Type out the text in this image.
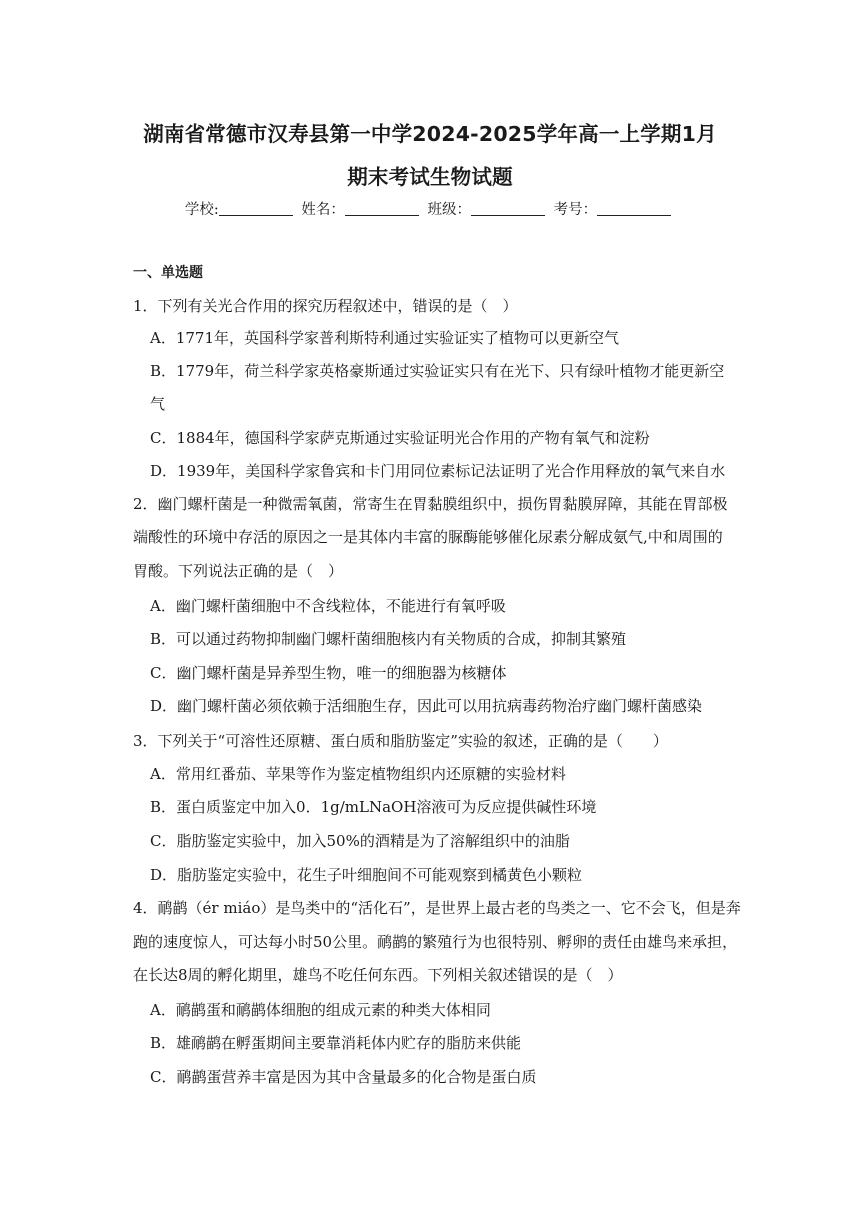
湖南省常德市汉寿县第一中学2024-2025学年高一上学期1月
期末考试生物试题
学校:	姓名：	班级：	考号：
一、单选题
1．下列有关光合作用的探究历程叙述中，错误的是（　）
A．1771年，英国科学家普利斯特利通过实验证实了植物可以更新空气
B．1779年，荷兰科学家英格豪斯通过实验证实只有在光下、只有绿叶植物才能更新空
气
C．1884年，德国科学家萨克斯通过实验证明光合作用的产物有氧气和淀粉
D．1939年，美国科学家鲁宾和卡门用同位素标记法证明了光合作用释放的氧气来自水
2．幽门螺杆菌是一种微需氧菌，常寄生在胃黏膜组织中，损伤胃黏膜屏障，其能在胃部极
端酸性的环境中存活的原因之一是其体内丰富的脲酶能够催化尿素分解成氨气,中和周围的
胃酸。下列说法正确的是（　）
A．幽门螺杆菌细胞中不含线粒体，不能进行有氧呼吸
B．可以通过药物抑制幽门螺杆菌细胞核内有关物质的合成，抑制其繁殖
C．幽门螺杆菌是异养型生物，唯一的细胞器为核糖体
D．幽门螺杆菌必须依赖于活细胞生存，因此可以用抗病毒药物治疗幽门螺杆菌感染
3．下列关于“可溶性还原糖、蛋白质和脂肪鉴定”实验的叙述，正确的是（　　）
A．常用红番茄、苹果等作为鉴定植物组织内还原糖的实验材料
B．蛋白质鉴定中加入0．1g/mLNaOH溶液可为反应提供碱性环境
C．脂肪鉴定实验中，加入50%的酒精是为了溶解组织中的油脂
D．脂肪鉴定实验中，花生子叶细胞间不可能观察到橘黄色小颗粒
4．鸸鹋（ér miáo）是鸟类中的“活化石”，是世界上最古老的鸟类之一、它不会飞，但是奔
跑的速度惊人，可达每小时50公里。鸸鹋的繁殖行为也很特别、孵卵的责任由雄鸟来承担，
在长达8周的孵化期里，雄鸟不吃任何东西。下列相关叙述错误的是（　）
A．鸸鹋蛋和鸸鹋体细胞的组成元素的种类大体相同
B．雄鸸鹋在孵蛋期间主要靠消耗体内贮存的脂肪来供能
C．鸸鹋蛋营养丰富是因为其中含量最多的化合物是蛋白质
